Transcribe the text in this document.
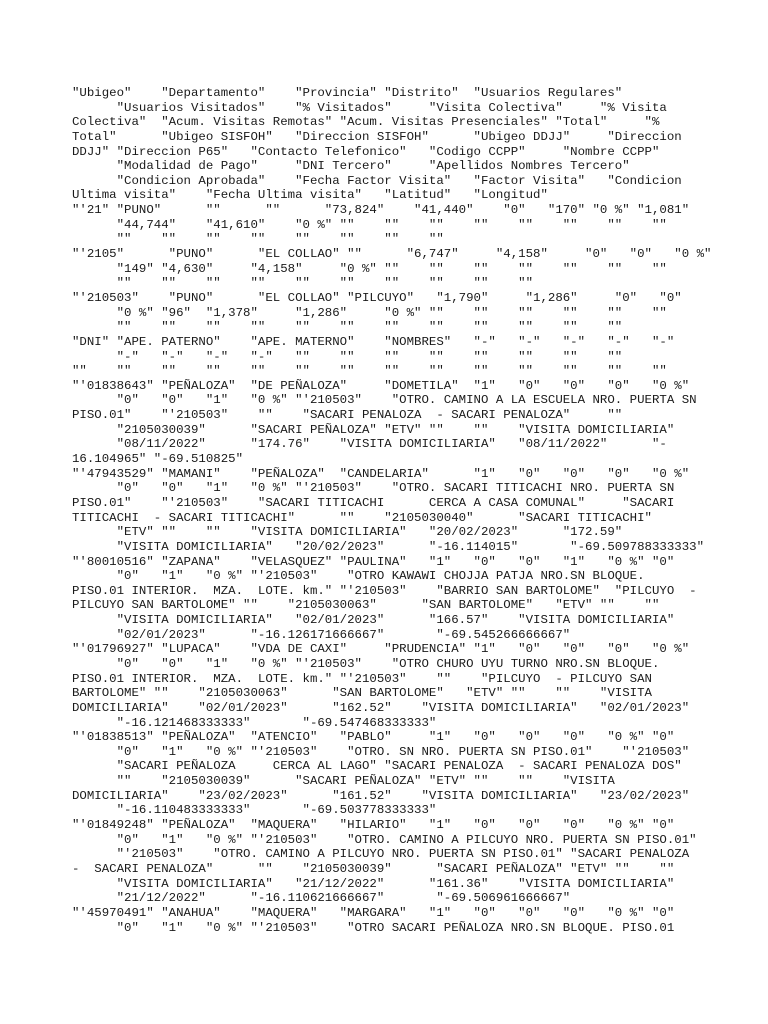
"Ubigeo"    "Departamento"    "Provincia" "Distrito"  "Usuarios Regulares"
"Usuarios Visitados"    "% Visitados"     "Visita Colectiva"     "% Visita
Colectiva"  "Acum. Visitas Remotas" "Acum. Visitas Presenciales" "Total"     "%
Total"      "Ubigeo SISFOH"   "Direccion SISFOH"      "Ubigeo DDJJ"     "Direccion
DDJJ" "Direccion P65"   "Contacto Telefonico"   "Codigo CCPP"     "Nombre CCPP"
"Modalidad de Pago"     "DNI Tercero"     "Apellidos Nombres Tercero"
"Condicion Aprobada"    "Fecha Factor Visita"   "Factor Visita"   "Condicion
Ultima visita"    "Fecha Ultima visita"   "Latitud"   "Longitud"
"'21" "PUNO"      ""      ""      "73,824"    "41,440"    "0"   "170" "0 %" "1,081"
"44,744"    "41,610"    "0 %" ""    ""    ""    ""    ""    ""    ""    ""
""    ""    ""    ""    ""    ""    ""    ""
"'2105"      "PUNO"      "EL COLLAO" ""      "6,747"     "4,158"     "0"   "0"   "0 %"
"149" "4,630"     "4,158"     "0 %" ""    ""    ""    ""    ""    ""    ""
""    ""    ""    ""    ""    ""    ""    ""    ""    ""
"'210503"    "PUNO"      "EL COLLAO" "PILCUYO"   "1,790"     "1,286"     "0"   "0"
"0 %" "96"  "1,378"     "1,286"     "0 %" ""    ""    ""    ""    ""    ""
""    ""    ""    ""    ""    ""    ""    ""    ""    ""    ""    ""
"DNI" "APE. PATERNO"    "APE. MATERNO"    "NOMBRES"   "-"   "-"   "-"   "-"   "-"
"-"   "-"   "-"   "-"   ""    ""    ""    ""    ""    ""    ""    ""
""    ""    ""    ""    ""    ""    ""    ""    ""    ""    ""    ""    ""    ""
"'01838643" "PEÑALOZA"  "DE PEÑALOZA"     "DOMETILA"  "1"   "0"   "0"   "0"   "0 %"
"0"   "0"   "1"   "0 %" "'210503"    "OTRO. CAMINO A LA ESCUELA NRO. PUERTA SN
PISO.01"    "'210503"    ""    "SACARI PENALOZA  - SACARI PENALOZA"     ""
"2105030039"      "SACARI PEÑALOZA" "ETV" ""    ""    "VISITA DOMICILIARIA"
"08/11/2022"      "174.76"    "VISITA DOMICILIARIA"   "08/11/2022"      "-
16.104965" "-69.510825"
"'47943529" "MAMANI"    "PEÑALOZA"  "CANDELARIA"      "1"   "0"   "0"   "0"   "0 %"
"0"   "0"   "1"   "0 %" "'210503"    "OTRO. SACARI TITICACHI NRO. PUERTA SN
PISO.01"    "'210503"    "SACARI TITICACHI      CERCA A CASA COMUNAL"     "SACARI
TITICACHI  - SACARI TITICACHI"      ""    "2105030040"      "SACARI TITICACHI"
"ETV" ""    ""    "VISITA DOMICILIARIA"   "20/02/2023"      "172.59"
"VISITA DOMICILIARIA"   "20/02/2023"      "-16.114015"       "-69.509788333333"
"'80010516" "ZAPANA"    "VELASQUEZ" "PAULINA"   "1"   "0"   "0"   "1"   "0 %" "0"
"0"   "1"   "0 %" "'210503"    "OTRO KAWAWI CHOJJA PATJA NRO.SN BLOQUE.
PISO.01 INTERIOR.  MZA.  LOTE. km." "'210503"    "BARRIO SAN BARTOLOME"  "PILCUYO  -
PILCUYO SAN BARTOLOME" ""    "2105030063"      "SAN BARTOLOME"   "ETV" ""    ""
"VISITA DOMICILIARIA"   "02/01/2023"      "166.57"    "VISITA DOMICILIARIA"
"02/01/2023"      "-16.126171666667"       "-69.545266666667"
"'01796927" "LUPACA"    "VDA DE CAXI"     "PRUDENCIA" "1"   "0"   "0"   "0"   "0 %"
"0"   "0"   "1"   "0 %" "'210503"    "OTRO CHURO UYU TURNO NRO.SN BLOQUE.
PISO.01 INTERIOR.  MZA.  LOTE. km." "'210503"    ""    "PILCUYO  - PILCUYO SAN
BARTOLOME" ""    "2105030063"      "SAN BARTOLOME"   "ETV" ""    ""    "VISITA
DOMICILIARIA"    "02/01/2023"      "162.52"    "VISITA DOMICILIARIA"   "02/01/2023"
"-16.121468333333"       "-69.547468333333"
"'01838513" "PEÑALOZA"  "ATENCIO"   "PABLO"     "1"   "0"   "0"   "0"   "0 %" "0"
"0"   "1"   "0 %" "'210503"    "OTRO. SN NRO. PUERTA SN PISO.01"    "'210503"
"SACARI PEÑALOZA     CERCA AL LAGO" "SACARI PENALOZA  - SACARI PENALOZA DOS"
""    "2105030039"      "SACARI PEÑALOZA" "ETV" ""    ""    "VISITA
DOMICILIARIA"    "23/02/2023"      "161.52"    "VISITA DOMICILIARIA"   "23/02/2023"
"-16.110483333333"       "-69.503778333333"
"'01849248" "PEÑALOZA"  "MAQUERA"   "HILARIO"   "1"   "0"   "0"   "0"   "0 %" "0"
"0"   "1"   "0 %" "'210503"    "OTRO. CAMINO A PILCUYO NRO. PUERTA SN PISO.01"
"'210503"    "OTRO. CAMINO A PILCUYO NRO. PUERTA SN PISO.01" "SACARI PENALOZA
-  SACARI PENALOZA"      ""    "2105030039"      "SACARI PEÑALOZA" "ETV" ""    ""
"VISITA DOMICILIARIA"   "21/12/2022"      "161.36"    "VISITA DOMICILIARIA"
"21/12/2022"      "-16.110621666667"       "-69.506961666667"
"'45970491" "ANAHUA"    "MAQUERA"   "MARGARA"   "1"   "0"   "0"   "0"   "0 %" "0"
"0"   "1"   "0 %" "'210503"    "OTRO SACARI PEÑALOZA NRO.SN BLOQUE. PISO.01
